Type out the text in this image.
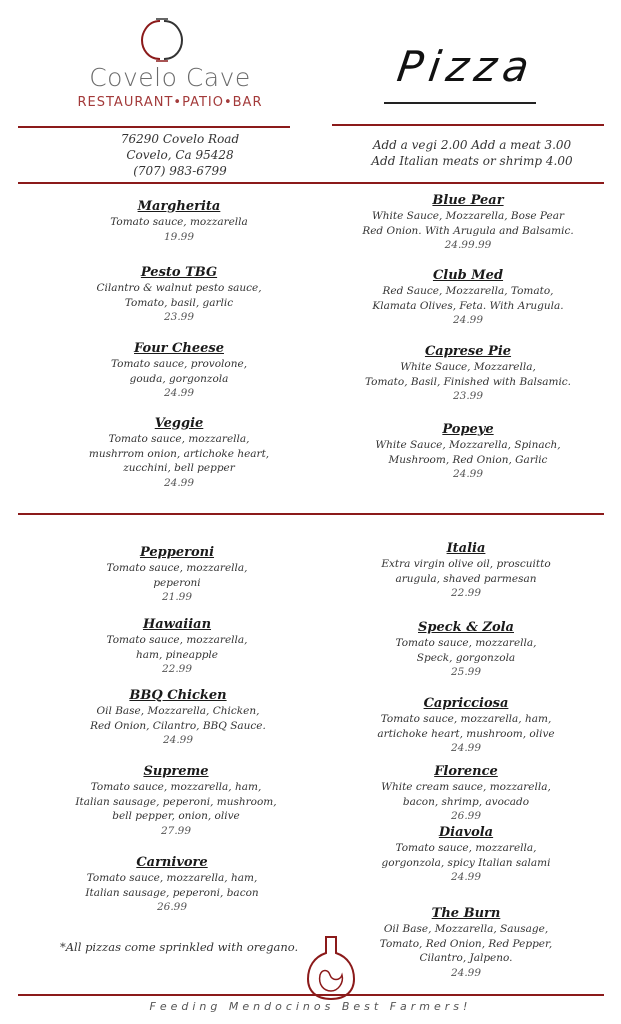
Covelo Cave
RESTAURANT•PATIO•BAR
Pizza
76290 Covelo Road
Covelo, Ca 95428
(707) 983-6799
Add a vegi 2.00 Add a meat 3.00
Add Italian meats or shrimp 4.00
Margherita
Tomato sauce, mozzarella
19.99
Pesto TBG
Cilantro & walnut pesto sauce,
Tomato, basil, garlic
23.99
Four Cheese
Tomato sauce, provolone,
gouda, gorgonzola
24.99
Veggie
Tomato sauce, mozzarella,
mushrrom onion, artichoke heart,
zucchini, bell pepper
24.99
Blue Pear
White Sauce, Mozzarella, Bose Pear
Red Onion. With Arugula and Balsamic.
24.99.99
Club Med
Red Sauce, Mozzarella, Tomato,
Klamata Olives, Feta. With Arugula.
24.99
Caprese Pie
White Sauce, Mozzarella,
Tomato, Basil, Finished with Balsamic.
23.99
Popeye
White Sauce, Mozzarella, Spinach,
Mushroom, Red Onion, Garlic
24.99
Pepperoni
Tomato sauce, mozzarella,
peperoni
21.99
Hawaiian
Tomato sauce, mozzarella,
ham, pineapple
22.99
BBQ Chicken
Oil Base, Mozzarella, Chicken,
Red Onion, Cilantro, BBQ Sauce.
24.99
Supreme
Tomato sauce, mozzarella, ham,
Italian sausage, peperoni, mushroom,
bell pepper, onion, olive
27.99
Carnivore
Tomato sauce, mozzarella, ham,
Italian sausage, peperoni, bacon
26.99
Italia
Extra virgin olive oil, proscuitto
arugula, shaved parmesan
22.99
Speck & Zola
Tomato sauce, mozzarella,
Speck, gorgonzola
25.99
Capricciosa
Tomato sauce, mozzarella, ham,
artichoke heart, mushroom, olive
24.99
Florence
White cream sauce, mozzarella,
bacon, shrimp, avocado
26.99
Diavola
Tomato sauce, mozzarella,
gorgonzola, spicy Italian salami
24.99
The Burn
Oil Base, Mozzarella, Sausage,
Tomato, Red Onion, Red Pepper,
Cilantro, Jalpeno.
24.99
*All pizzas come sprinkled with oregano.
Feeding Mendocinos Best Farmers!
